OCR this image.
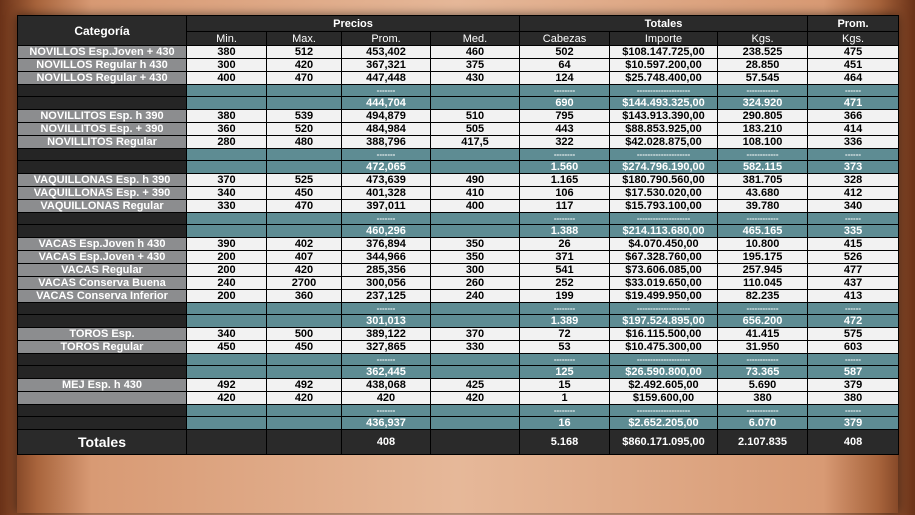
Categoría	Precios				Totales			Prom.
	Min.	Max.	Prom.	Med.	Cabezas	Importe	Kgs.	Kgs.
NOVILLOS Esp.Joven + 430	380	512	453,402	460	502	$108.147.725,00	238.525	475
NOVILLOS Regular h 430	300	420	367,321	375	64	$10.597.200,00	28.850	451
NOVILLOS Regular + 430	400	470	447,448	430	124	$25.748.400,00	57.545	464
			-------		--------	--------------------	------------	------
			444,704		690	$144.493.325,00	324.920	471
NOVILLITOS Esp. h 390	380	539	494,879	510	795	$143.913.390,00	290.805	366
NOVILLITOS Esp. + 390	360	520	484,984	505	443	$88.853.925,00	183.210	414
NOVILLITOS Regular	280	480	388,796	417,5	322	$42.028.875,00	108.100	336
			-------		--------	--------------------	------------	------
			472,065		1.560	$274.796.190,00	582.115	373
VAQUILLONAS Esp. h 390	370	525	473,639	490	1.165	$180.790.560,00	381.705	328
VAQUILLONAS Esp. + 390	340	450	401,328	410	106	$17.530.020,00	43.680	412
VAQUILLONAS Regular	330	470	397,011	400	117	$15.793.100,00	39.780	340
			-------		--------	--------------------	------------	------
			460,296		1.388	$214.113.680,00	465.165	335
VACAS Esp.Joven h 430	390	402	376,894	350	26	$4.070.450,00	10.800	415
VACAS Esp.Joven + 430	200	407	344,966	350	371	$67.328.760,00	195.175	526
VACAS Regular	200	420	285,356	300	541	$73.606.085,00	257.945	477
VACAS Conserva Buena	240	2700	300,056	260	252	$33.019.650,00	110.045	437
VACAS Conserva Inferior	200	360	237,125	240	199	$19.499.950,00	82.235	413
			-------		--------	--------------------	------------	------
			301,013		1.389	$197.524.895,00	656.200	472
TOROS Esp.	340	500	389,122	370	72	$16.115.500,00	41.415	575
TOROS Regular	450	450	327,865	330	53	$10.475.300,00	31.950	603
			-------		--------	--------------------	------------	------
			362,445		125	$26.590.800,00	73.365	587
MEJ Esp. h 430	492	492	438,068	425	15	$2.492.605,00	5.690	379
	420	420	420	420	1	$159.600,00	380	380
			-------		--------	--------------------	------------	------
			436,937		16	$2.652.205,00	6.070	379
Totales			408		5.168	$860.171.095,00	2.107.835	408
